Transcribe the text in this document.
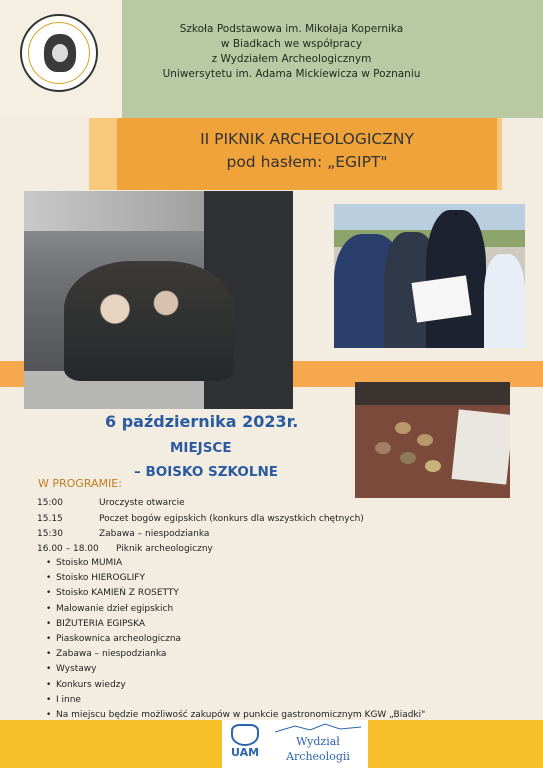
Szkoła Podstawowa im. Mikołaja Kopernika
w Biadkach we współpracy
z Wydziałem Archeologicznym
Uniwersytetu im. Adama Mickiewicza w Poznaniu
II PIKNIK ARCHEOLOGICZNY
pod hasłem: „EGIPT"
6 października 2023r.
MIEJSCE
– BOISKO SZKOLNE
W PROGRAMIE:
15:00	Uroczyste otwarcie
15.15	Poczet bogów egipskich (konkurs dla wszystkich chętnych)
15:30	Zabawa – niespodzianka
16.00 – 18.00 Piknik archeologiczny
• Stoisko MUMIA
• Stoisko HIEROGLIFY
• Stoisko KAMIEŃ Z ROSETTY
• Malowanie dzieł egipskich
• BIŻUTERIA EGIPSKA
• Piaskownica archeologiczna
• Zabawa – niespodzianka
• Wystawy
• Konkurs wiedzy
• I inne
• Na miejscu będzie możliwość zakupów w punkcie gastronomicznym KGW „Biadki"
UAM
Wydział
Archeologii
